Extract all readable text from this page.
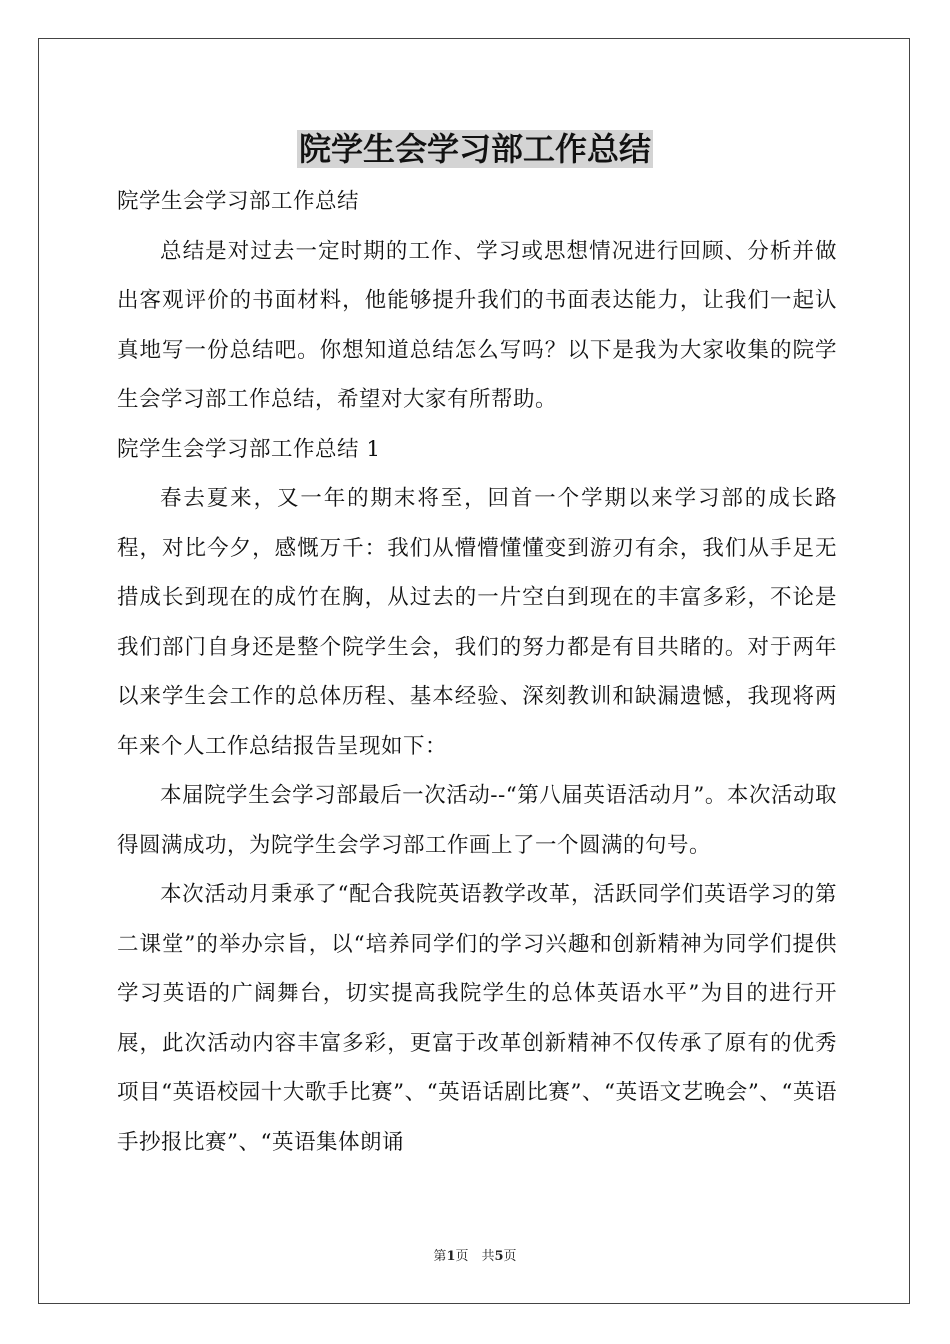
院学生会学习部工作总结

院学生会学习部工作总结

总结是对过去一定时期的工作、学习或思想情况进行回顾、分析并做出客观评价的书面材料，他能够提升我们的书面表达能力，让我们一起认真地写一份总结吧。你想知道总结怎么写吗？以下是我为大家收集的院学生会学习部工作总结，希望对大家有所帮助。

院学生会学习部工作总结 1

春去夏来，又一年的期末将至，回首一个学期以来学习部的成长路程，对比今夕，感慨万千：我们从懵懵懂懂变到游刃有余，我们从手足无措成长到现在的成竹在胸，从过去的一片空白到现在的丰富多彩，不论是我们部门自身还是整个院学生会，我们的努力都是有目共睹的。对于两年以来学生会工作的总体历程、基本经验、深刻教训和缺漏遗憾，我现将两年来个人工作总结报告呈现如下：

本届院学生会学习部最后一次活动--“第八届英语活动月”。本次活动取得圆满成功，为院学生会学习部工作画上了一个圆满的句号。

本次活动月秉承了“配合我院英语教学改革，活跃同学们英语学习的第二课堂”的举办宗旨，以“培养同学们的学习兴趣和创新精神为同学们提供学习英语的广阔舞台，切实提高我院学生的总体英语水平”为目的进行开展，此次活动内容丰富多彩，更富于改革创新精神不仅传承了原有的优秀项目“英语校园十大歌手比赛”、“英语话剧比赛”、“英语文艺晚会”、“英语手抄报比赛”、“英语集体朗诵

第1页　共5页
